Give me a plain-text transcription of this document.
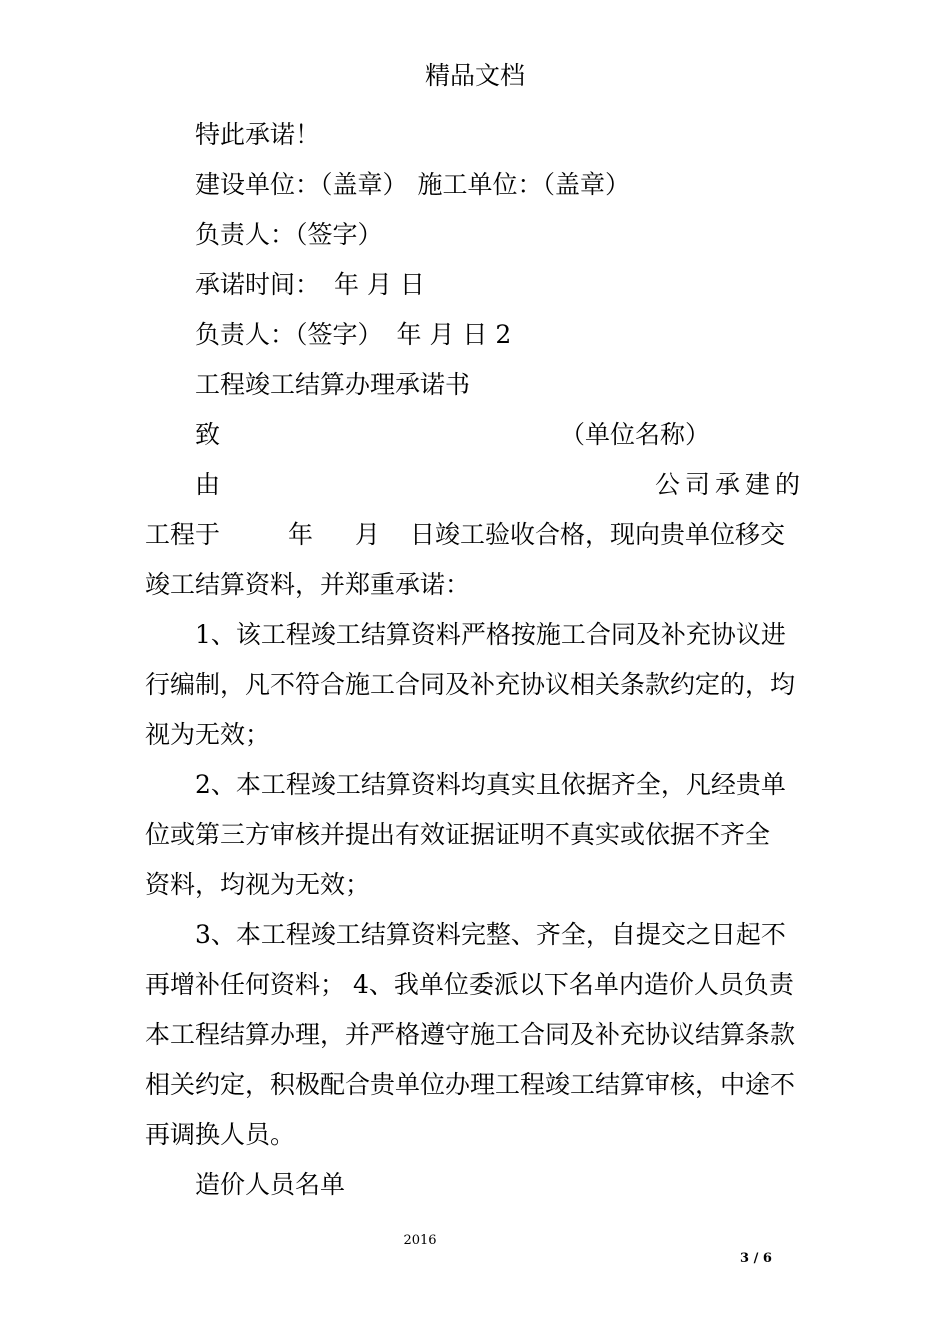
精品文档
特此承诺！
建设单位：（盖章） 施工单位：（盖章）
负责人：（签字）
承诺时间： 年 月 日
负责人：（签字） 年 月 日 2
工程竣工结算办理承诺书
致	（单位名称）
由	公司承建的
工程于	年 月 日竣工验收合格，现向贵单位移交
竣工结算资料，并郑重承诺：
1、该工程竣工结算资料严格按施工合同及补充协议进
行编制，凡不符合施工合同及补充协议相关条款约定的，均
视为无效；
2、本工程竣工结算资料均真实且依据齐全，凡经贵单
位或第三方审核并提出有效证据证明不真实或依据不齐全
资料，均视为无效；
3、本工程竣工结算资料完整、齐全，自提交之日起不
再增补任何资料； 4、我单位委派以下名单内造价人员负责
本工程结算办理，并严格遵守施工合同及补充协议结算条款
相关约定，积极配合贵单位办理工程竣工结算审核，中途不
再调换人员。
造价人员名单
2016
3 / 6
